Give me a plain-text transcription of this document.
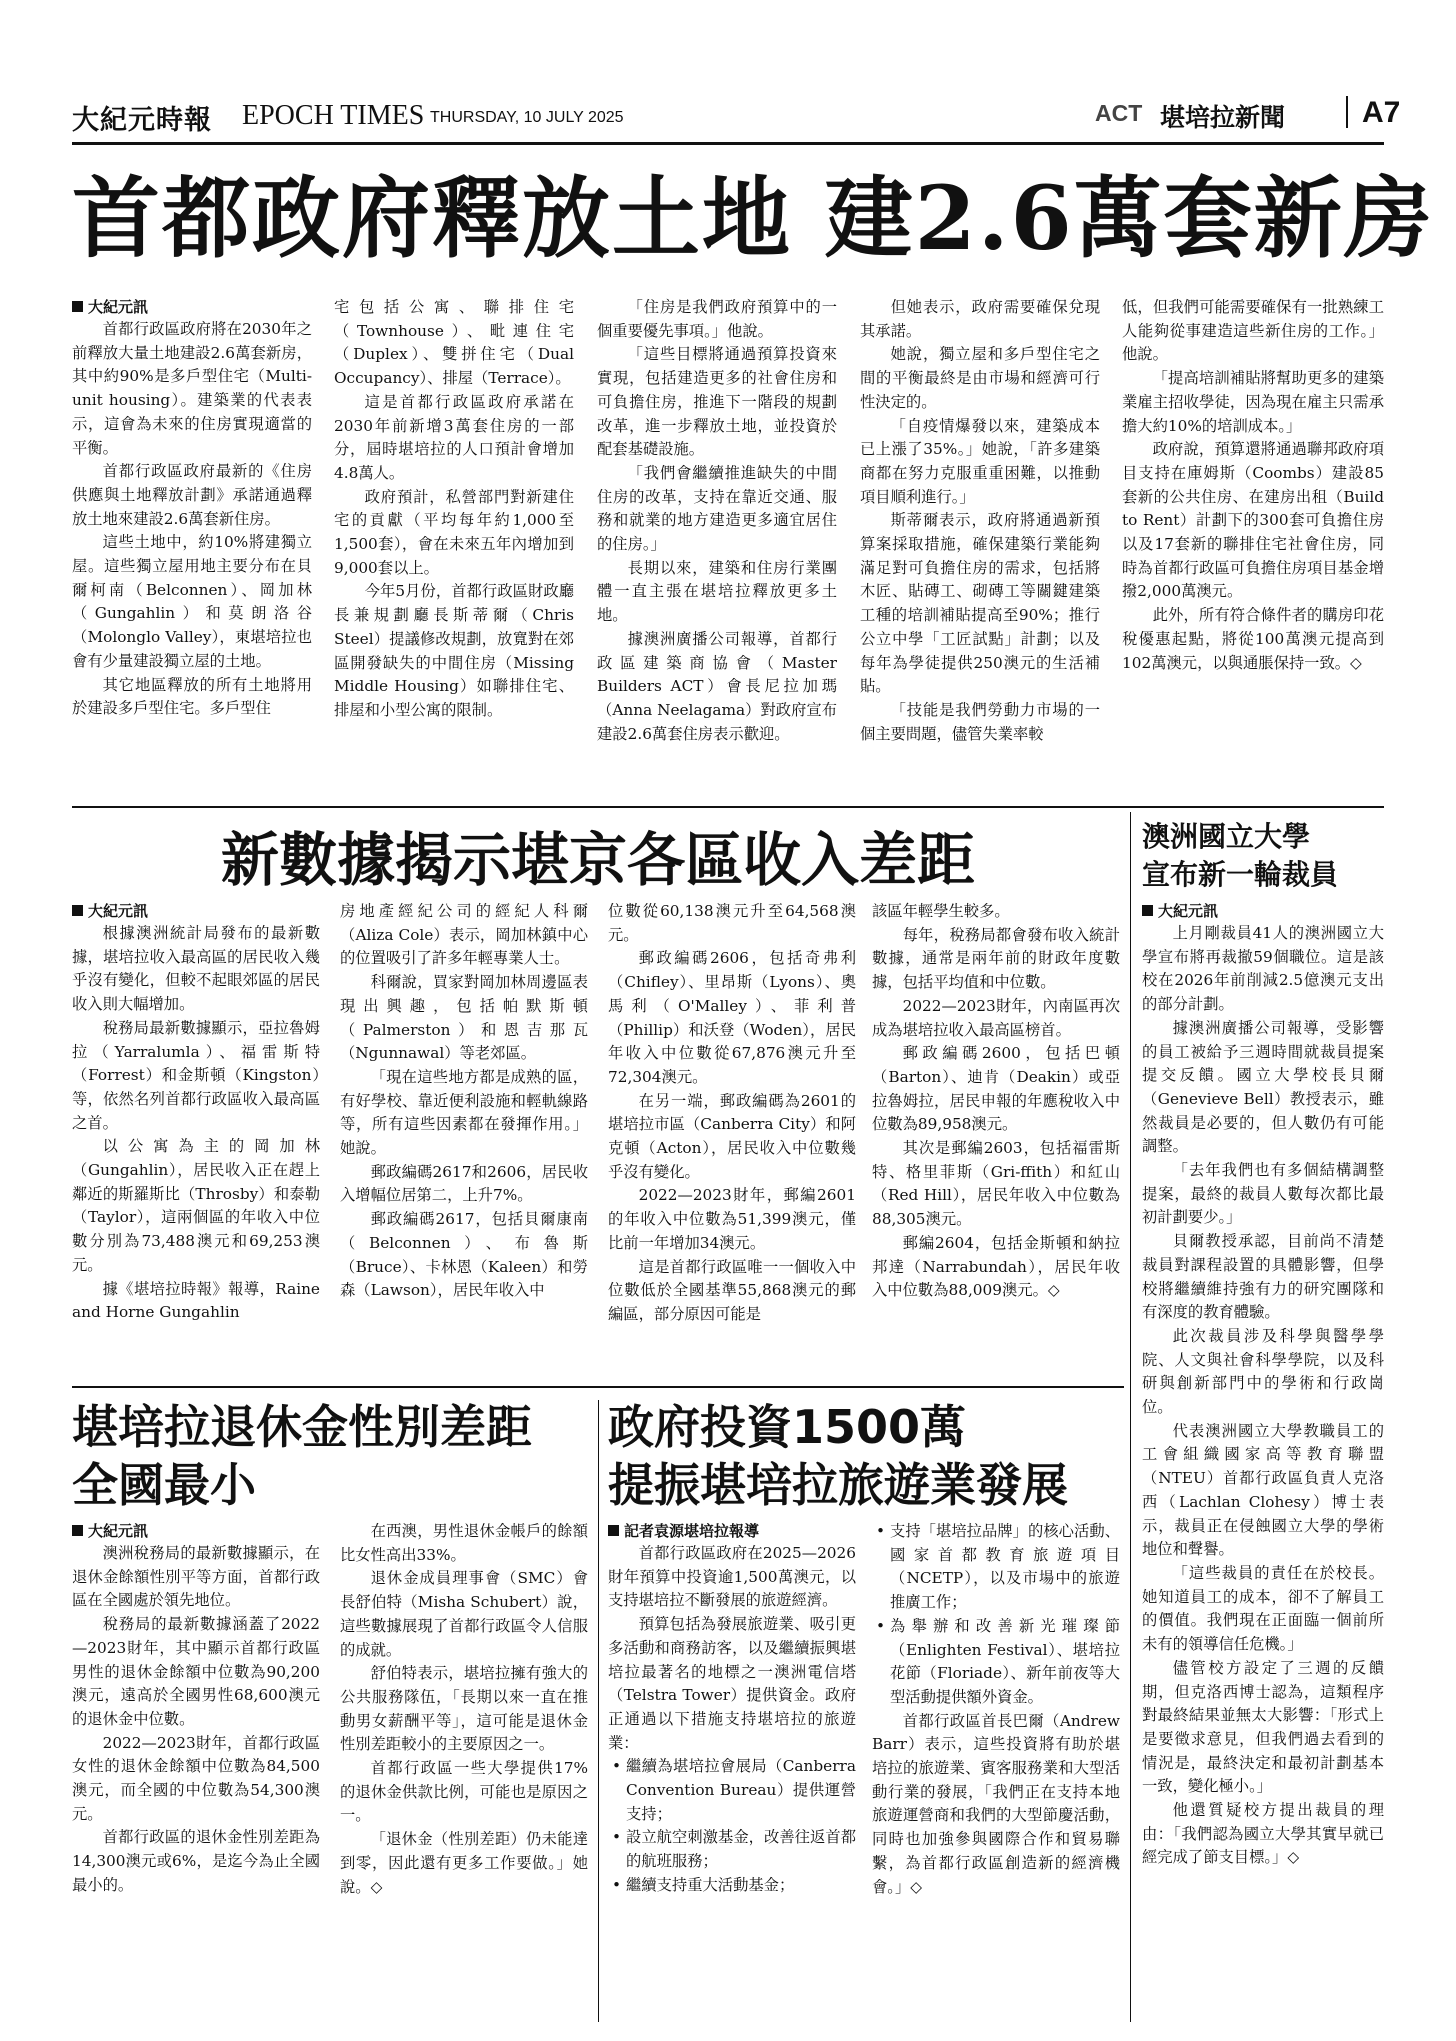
大紀元時報 EPOCH TIMES THURSDAY, 10 JULY 2025	ACT 堪培拉新聞	A7
首都政府釋放土地 建2.6萬套新房
大紀元訊

首都行政區政府將在2030年之前釋放大量土地建設2.6萬套新房，其中約90%是多戶型住宅（Multi-unit housing）。建築業的代表表示，這會為未來的住房實現適當的平衡。

首都行政區政府最新的《住房供應與土地釋放計劃》承諾通過釋放土地來建設2.6萬套新住房。

這些土地中，約10%將建獨立屋。這些獨立屋用地主要分布在貝爾柯南（Belconnen）、岡加林（Gungahlin）和莫朗洛谷（Molonglo Valley），東堪培拉也會有少量建設獨立屋的土地。

其它地區釋放的所有土地將用於建設多戶型住宅。多戶型住

宅包括公寓、聯排住宅（Townhouse）、毗連住宅（Duplex）、雙拼住宅（Dual Occupancy）、排屋（Terrace）。

這是首都行政區政府承諾在2030年前新增3萬套住房的一部分，屆時堪培拉的人口預計會增加4.8萬人。

政府預計，私營部門對新建住宅的貢獻（平均每年約1,000至1,500套），會在未來五年內增加到9,000套以上。

今年5月份，首都行政區財政廳長兼規劃廳長斯蒂爾（Chris Steel）提議修改規劃，放寬對在郊區開發缺失的中間住房（Missing Middle Housing）如聯排住宅、排屋和小型公寓的限制。

「住房是我們政府預算中的一個重要優先事項。」他說。

「這些目標將通過預算投資來實現，包括建造更多的社會住房和可負擔住房，推進下一階段的規劃改革，進一步釋放土地，並投資於配套基礎設施。

「我們會繼續推進缺失的中間住房的改革，支持在靠近交通、服務和就業的地方建造更多適宜居住的住房。」

長期以來，建築和住房行業團體一直主張在堪培拉釋放更多土地。

據澳洲廣播公司報導，首都行政區建築商協會（Master Builders ACT）會長尼拉加瑪（Anna Neelagama）對政府宣布建設2.6萬套住房表示歡迎。

但她表示，政府需要確保兌現其承諾。

她說，獨立屋和多戶型住宅之間的平衡最終是由市場和經濟可行性決定的。

「自疫情爆發以來，建築成本已上漲了35%。」她說，「許多建築商都在努力克服重重困難，以推動項目順利進行。」

斯蒂爾表示，政府將通過新預算案採取措施，確保建築行業能夠滿足對可負擔住房的需求，包括將木匠、貼磚工、砌磚工等關鍵建築工種的培訓補貼提高至90%；推行公立中學「工匠試點」計劃；以及每年為學徒提供250澳元的生活補貼。

「技能是我們勞動力市場的一個主要問題，儘管失業率較

低，但我們可能需要確保有一批熟練工人能夠從事建造這些新住房的工作。」他說。

「提高培訓補貼將幫助更多的建築業雇主招收學徒，因為現在雇主只需承擔大約10%的培訓成本。」

政府說，預算還將通過聯邦政府項目支持在庫姆斯（Coombs）建設85套新的公共住房、在建房出租（Build to Rent）計劃下的300套可負擔住房以及17套新的聯排住宅社會住房，同時為首都行政區可負擔住房項目基金增撥2,000萬澳元。

此外，所有符合條件者的購房印花稅優惠起點，將從100萬澳元提高到102萬澳元，以與通脹保持一致。◇

新數據揭示堪京各區收入差距
大紀元訊

根據澳洲統計局發布的最新數據，堪培拉收入最高區的居民收入幾乎沒有變化，但較不起眼郊區的居民收入則大幅增加。

稅務局最新數據顯示，亞拉魯姆拉（Yarralumla）、福雷斯特（Forrest）和金斯頓（Kingston）等，依然名列首都行政區收入最高區之首。

以公寓為主的岡加林（Gungahlin），居民收入正在趕上鄰近的斯羅斯比（Throsby）和泰勒（Taylor），這兩個區的年收入中位數分別為73,488澳元和69,253澳元。

據《堪培拉時報》報導，Raine and Horne Gungahlin

房地產經紀公司的經紀人科爾（Aliza Cole）表示，岡加林鎮中心的位置吸引了許多年輕專業人士。

科爾說，買家對岡加林周邊區表現出興趣，包括帕默斯頓（Palmerston）和恩吉那瓦（Ngunnawal）等老郊區。

「現在這些地方都是成熟的區，有好學校、靠近便利設施和輕軌線路等，所有這些因素都在發揮作用。」她說。

郵政編碼2617和2606，居民收入增幅位居第二，上升7%。

郵政編碼2617，包括貝爾康南（Belconnen）、布魯斯（Bruce）、卡林恩（Kaleen）和勞森（Lawson），居民年收入中

位數從60,138澳元升至64,568澳元。

郵政編碼2606，包括奇弗利（Chifley）、里昂斯（Lyons）、奧馬利（O'Malley）、菲利普（Phillip）和沃登（Woden），居民年收入中位數從67,876澳元升至72,304澳元。

在另一端，郵政編碼為2601的堪培拉市區（Canberra City）和阿克頓（Acton），居民收入中位數幾乎沒有變化。

2022—2023財年，郵編2601的年收入中位數為51,399澳元，僅比前一年增加34澳元。

這是首都行政區唯一一個收入中位數低於全國基準55,868澳元的郵編區，部分原因可能是

該區年輕學生較多。

每年，稅務局都會發布收入統計數據，通常是兩年前的財政年度數據，包括平均值和中位數。

2022—2023財年，內南區再次成為堪培拉收入最高區榜首。

郵政編碼2600，包括巴頓（Barton）、迪肯（Deakin）或亞拉魯姆拉，居民申報的年應稅收入中位數為89,958澳元。

其次是郵編2603，包括福雷斯特、格里菲斯（Gri-ffith）和紅山（Red Hill），居民年收入中位數為88,305澳元。

郵編2604，包括金斯頓和納拉邦達（Narrabundah），居民年收入中位數為88,009澳元。◇

澳洲國立大學
宣布新一輪裁員
大紀元訊

上月剛裁員41人的澳洲國立大學宣布將再裁撤59個職位。這是該校在2026年前削減2.5億澳元支出的部分計劃。

據澳洲廣播公司報導，受影響的員工被給予三週時間就裁員提案提交反饋。國立大學校長貝爾（Genevieve Bell）教授表示，雖然裁員是必要的，但人數仍有可能調整。

「去年我們也有多個結構調整提案，最終的裁員人數每次都比最初計劃要少。」

貝爾教授承認，目前尚不清楚裁員對課程設置的具體影響，但學校將繼續維持強有力的研究團隊和有深度的教育體驗。

此次裁員涉及科學與醫學學院、人文與社會科學學院，以及科研與創新部門中的學術和行政崗位。

代表澳洲國立大學教職員工的工會組織國家高等教育聯盟（NTEU）首都行政區負責人克洛西（Lachlan Clohesy）博士表示，裁員正在侵蝕國立大學的學術地位和聲譽。

「這些裁員的責任在於校長。她知道員工的成本，卻不了解員工的價值。我們現在正面臨一個前所未有的領導信任危機。」

儘管校方設定了三週的反饋期，但克洛西博士認為，這類程序對最終結果並無太大影響：「形式上是要徵求意見，但我們過去看到的情況是，最終決定和最初計劃基本一致，變化極小。」

他還質疑校方提出裁員的理由：「我們認為國立大學其實早就已經完成了節支目標。」◇

堪培拉退休金性別差距
全國最小
大紀元訊

澳洲稅務局的最新數據顯示，在退休金餘額性別平等方面，首都行政區在全國處於領先地位。

稅務局的最新數據涵蓋了2022—2023財年，其中顯示首都行政區男性的退休金餘額中位數為90,200澳元，遠高於全國男性68,600澳元的退休金中位數。

2022—2023財年，首都行政區女性的退休金餘額中位數為84,500澳元，而全國的中位數為54,300澳元。

首都行政區的退休金性別差距為14,300澳元或6%，是迄今為止全國最小的。

在西澳，男性退休金帳戶的餘額比女性高出33%。

退休金成員理事會（SMC）會長舒伯特（Misha Schubert）說，這些數據展現了首都行政區令人信服的成就。

舒伯特表示，堪培拉擁有強大的公共服務隊伍，「長期以來一直在推動男女薪酬平等」，這可能是退休金性別差距較小的主要原因之一。

首都行政區一些大學提供17%的退休金供款比例，可能也是原因之一。

「退休金（性別差距）仍未能達到零，因此還有更多工作要做。」她說。◇

政府投資1500萬
提振堪培拉旅遊業發展
記者袁源堪培拉報導

首都行政區政府在2025—2026財年預算中投資逾1,500萬澳元，以支持堪培拉不斷發展的旅遊經濟。

預算包括為發展旅遊業、吸引更多活動和商務訪客，以及繼續振興堪培拉最著名的地標之一澳洲電信塔（Telstra Tower）提供資金。政府正通過以下措施支持堪培拉的旅遊業：

• 繼續為堪培拉會展局（Canberra Convention Bureau）提供運營支持；
• 設立航空刺激基金，改善往返首都的航班服務；
• 繼續支持重大活動基金；
• 支持「堪培拉品牌」的核心活動、國家首都教育旅遊項目（NCETP），以及市場中的旅遊推廣工作；
• 為舉辦和改善新光璀璨節（Enlighten Festival）、堪培拉花節（Floriade）、新年前夜等大型活動提供額外資金。

首都行政區首長巴爾（Andrew Barr）表示，這些投資將有助於堪培拉的旅遊業、賓客服務業和大型活動行業的發展，「我們正在支持本地旅遊運營商和我們的大型節慶活動，同時也加強參與國際合作和貿易聯繫，為首都行政區創造新的經濟機會。」◇
